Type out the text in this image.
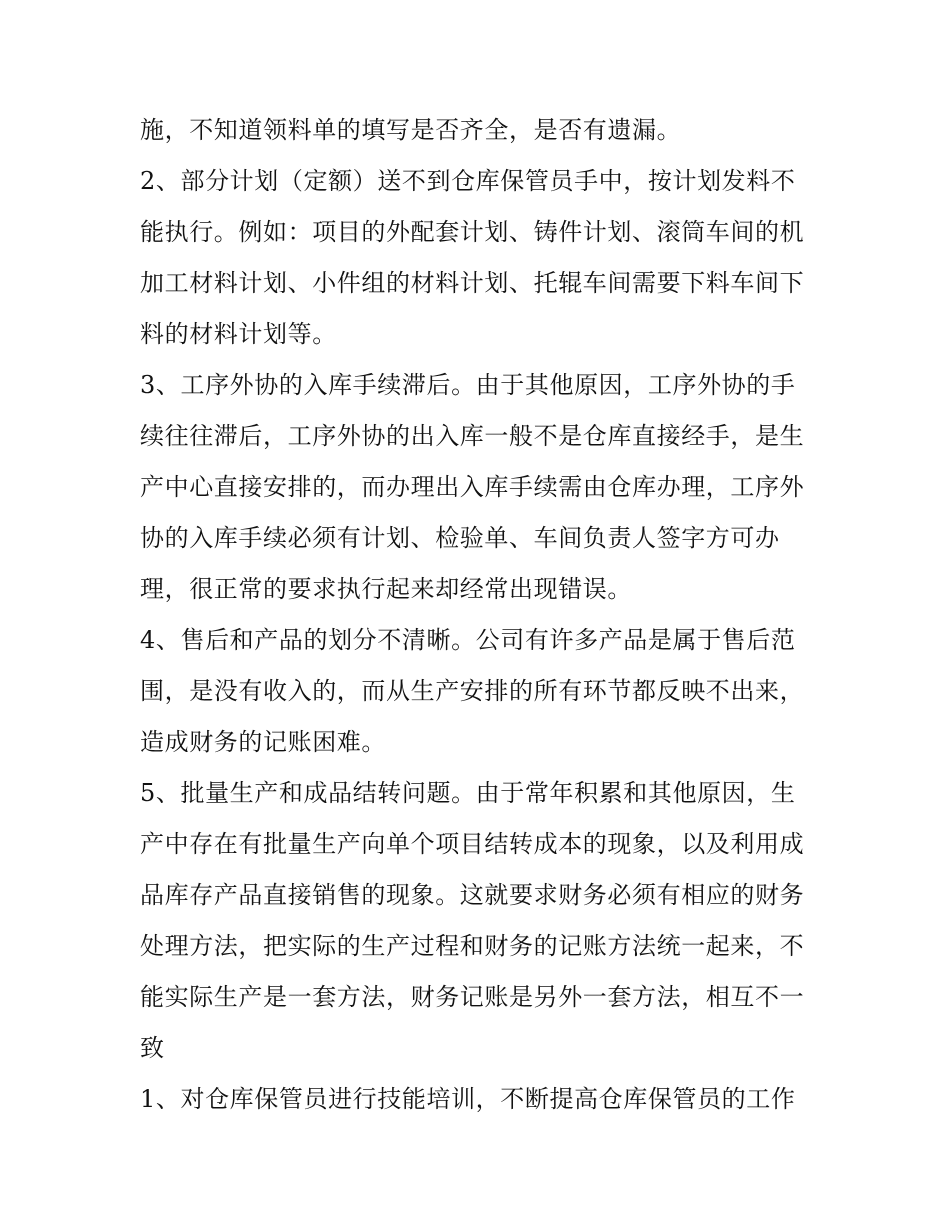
施，不知道领料单的填写是否齐全，是否有遗漏。
2、部分计划（定额）送不到仓库保管员手中，按计划发料不
能执行。例如：项目的外配套计划、铸件计划、滚筒车间的机
加工材料计划、小件组的材料计划、托辊车间需要下料车间下
料的材料计划等。
3、工序外协的入库手续滞后。由于其他原因，工序外协的手
续往往滞后，工序外协的出入库一般不是仓库直接经手，是生
产中心直接安排的，而办理出入库手续需由仓库办理，工序外
协的入库手续必须有计划、检验单、车间负责人签字方可办
理，很正常的要求执行起来却经常出现错误。
4、售后和产品的划分不清晰。公司有许多产品是属于售后范
围，是没有收入的，而从生产安排的所有环节都反映不出来，
造成财务的记账困难。
5、批量生产和成品结转问题。由于常年积累和其他原因，生
产中存在有批量生产向单个项目结转成本的现象，以及利用成
品库存产品直接销售的现象。这就要求财务必须有相应的财务
处理方法，把实际的生产过程和财务的记账方法统一起来，不
能实际生产是一套方法，财务记账是另外一套方法，相互不一
致
1、对仓库保管员进行技能培训，不断提高仓库保管员的工作
